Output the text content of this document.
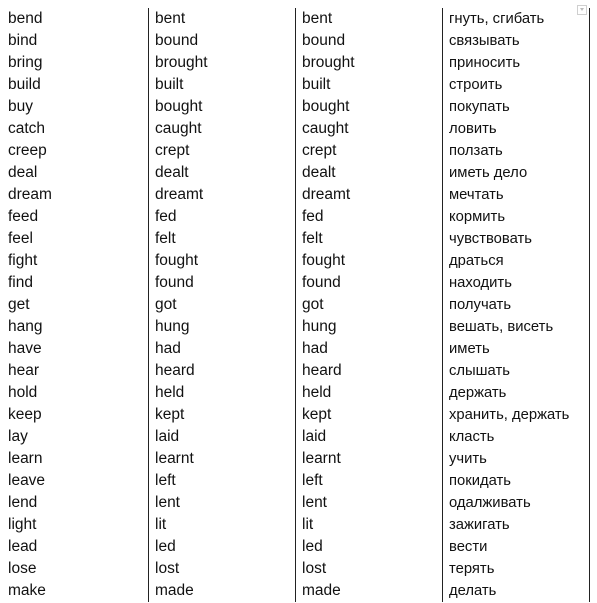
bend	bent	bent	гнуть, сгибать
bind	bound	bound	связывать
bring	brought	brought	приносить
build	built	built	строить
buy	bought	bought	покупать
catch	caught	caught	ловить
creep	crept	crept	ползать
deal	dealt	dealt	иметь дело
dream	dreamt	dreamt	мечтать
feed	fed	fed	кормить
feel	felt	felt	чувствовать
fight	fought	fought	драться
find	found	found	находить
get	got	got	получать
hang	hung	hung	вешать, висеть
have	had	had	иметь
hear	heard	heard	слышать
hold	held	held	держать
keep	kept	kept	хранить, держать
lay	laid	laid	класть
learn	learnt	learnt	учить
leave	left	left	покидать
lend	lent	lent	одалживать
light	lit	lit	зажигать
lead	led	led	вести
lose	lost	lost	терять
make	made	made	делать
